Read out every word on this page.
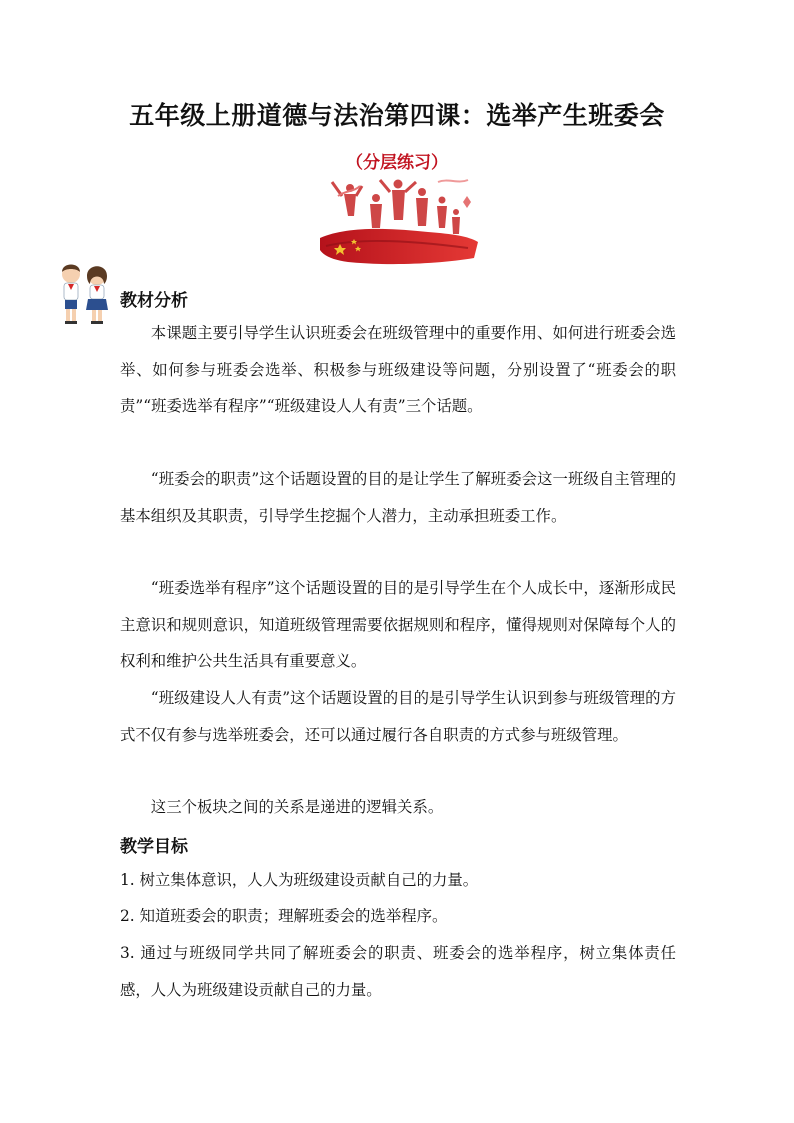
五年级上册道德与法治第四课：选举产生班委会
（分层练习）
教材分析

本课题主要引导学生认识班委会在班级管理中的重要作用、如何进行班委会选举、如何参与班委会选举、积极参与班级建设等问题，分别设置了“班委会的职责”“班委选举有程序”“班级建设人人有责”三个话题。

“班委会的职责”这个话题设置的目的是让学生了解班委会这一班级自主管理的基本组织及其职责，引导学生挖掘个人潜力，主动承担班委工作。

“班委选举有程序”这个话题设置的目的是引导学生在个人成长中，逐渐形成民主意识和规则意识，知道班级管理需要依据规则和程序，懂得规则对保障每个人的权利和维护公共生活具有重要意义。

“班级建设人人有责”这个话题设置的目的是引导学生认识到参与班级管理的方式不仅有参与选举班委会，还可以通过履行各自职责的方式参与班级管理。

这三个板块之间的关系是递进的逻辑关系。

教学目标

1. 树立集体意识，人人为班级建设贡献自己的力量。

2. 知道班委会的职责；理解班委会的选举程序。

3. 通过与班级同学共同了解班委会的职责、班委会的选举程序，树立集体责任感，人人为班级建设贡献自己的力量。
